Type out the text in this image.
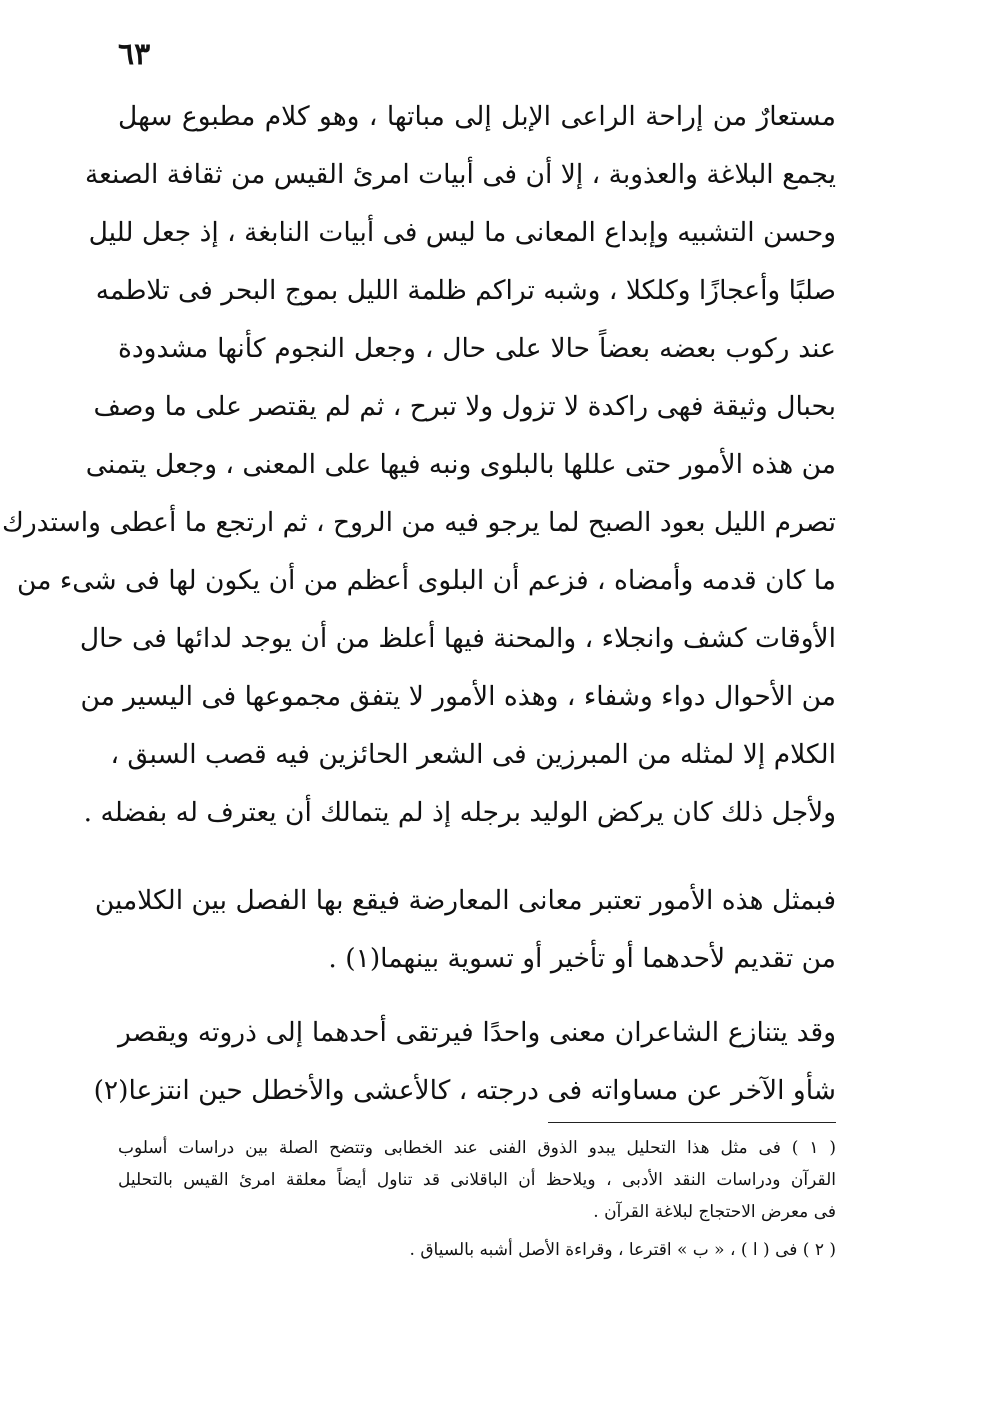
٦٣
مستعارٌ من إراحة الراعى الإبل إلى مباتها ، وهو كلام مطبوع سهل
يجمع البلاغة والعذوبة ، إلا أن فى أبيات امرئ القيس من ثقافة الصنعة
وحسن التشبيه وإبداع المعانى ما ليس فى أبيات النابغة ، إذ جعل لليل
صلبًا وأعجازًا وكلكلا ، وشبه تراكم ظلمة الليل بموج البحر فى تلاطمه
عند ركوب بعضه بعضاً حالا على حال ، وجعل النجوم كأنها مشدودة
بحبال وثيقة فهى راكدة لا تزول ولا تبرح ، ثم لم يقتصر على ما وصف
من هذه الأمور حتى عللها بالبلوى ونبه فيها على المعنى ، وجعل يتمنى
تصرم الليل بعود الصبح لما يرجو فيه من الروح ، ثم ارتجع ما أعطى واستدرك
ما كان قدمه وأمضاه ، فزعم أن البلوى أعظم من أن يكون لها فى شىء من
الأوقات كشف وانجلاء ، والمحنة فيها أعلظ من أن يوجد لدائها فى حال
من الأحوال دواء وشفاء ، وهذه الأمور لا يتفق مجموعها فى اليسير من
الكلام إلا لمثله من المبرزين فى الشعر الحائزين فيه قصب السبق ،
ولأجل ذلك كان يركض الوليد برجله إذ لم يتمالك أن يعترف له بفضله .
فبمثل هذه الأمور تعتبر معانى المعارضة فيقع بها الفصل بين الكلامين
من تقديم لأحدهما أو تأخير أو تسوية بينهما(١) .
وقد يتنازع الشاعران معنى واحدًا فيرتقى أحدهما إلى ذروته ويقصر
شأو الآخر عن مساواته فى درجته ، كالأعشى والأخطل حين انتزعا(٢)
( ١ ) فى مثل هذا التحليل يبدو الذوق الفنى عند الخطابى وتتضح الصلة بين دراسات أسلوب
القرآن ودراسات النقد الأدبى ، ويلاحظ أن الباقلانى قد تناول أيضاً معلقة امرئ القيس بالتحليل
فى معرض الاحتجاج لبلاغة القرآن .
( ٢ ) فى ( ا ) ، « ب » اقترعا ، وقراءة الأصل أشبه بالسياق .
